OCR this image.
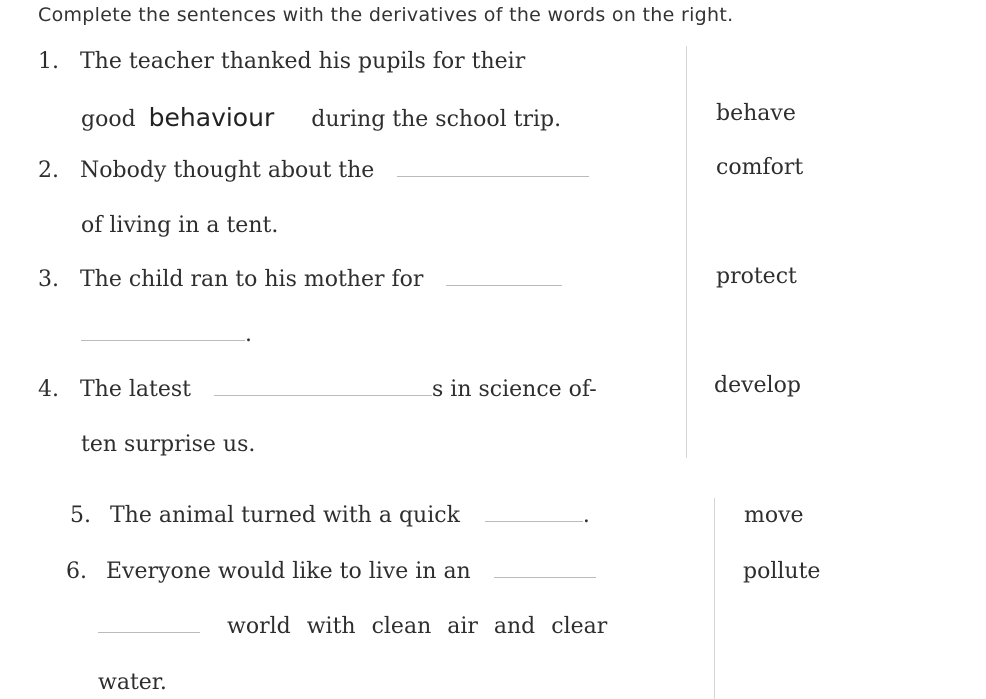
Complete the sentences with the derivatives of the words on the right.
1. The teacher thanked his pupils for their
good behaviour during the school trip.	behave
2. Nobody thought about the
of living in a tent.
comfort
3. The child ran to his mother for
.
protect
4. The latest	s in science of-
ten surprise us.
develop
5. The animal turned with a quick	.	move
6. Everyone would like to live in an
world with clean air and clear
water.
pollute
